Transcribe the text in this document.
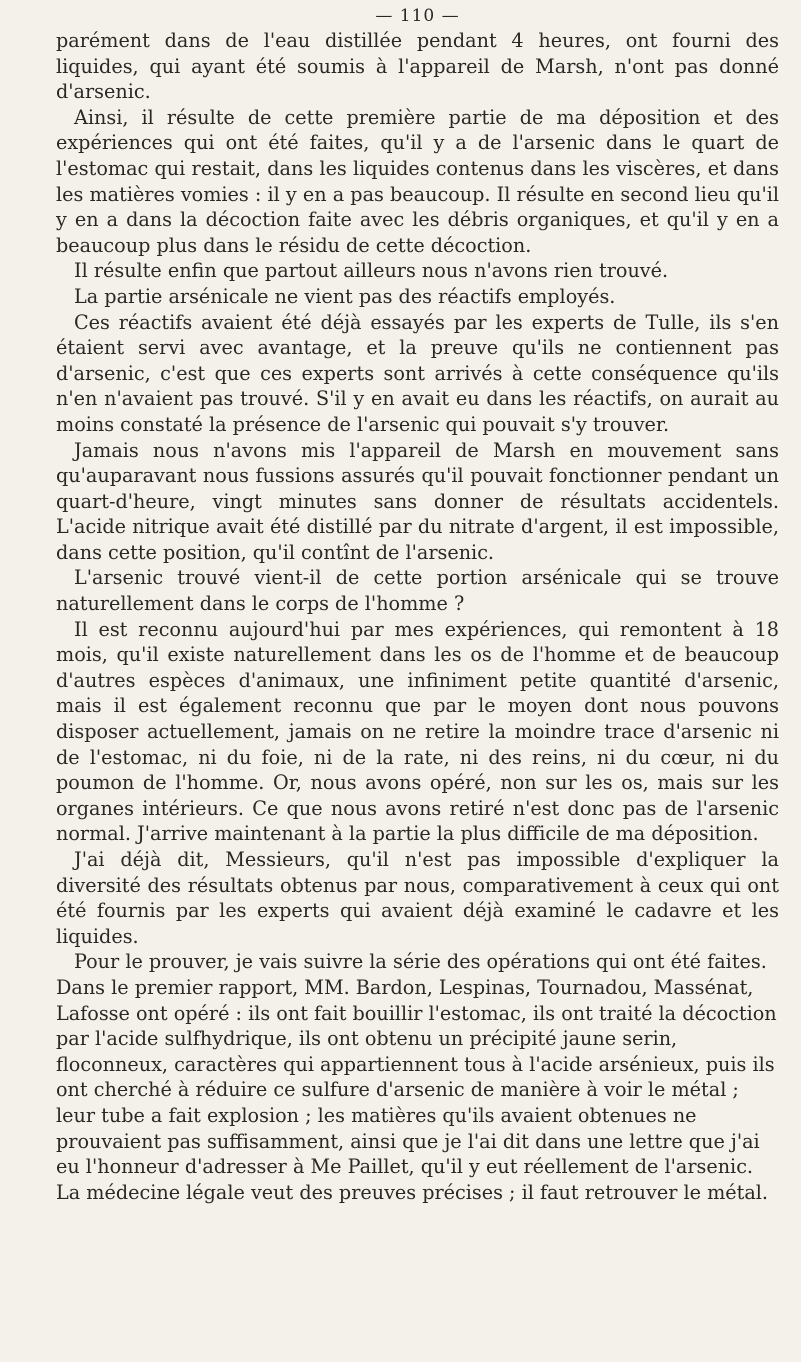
— 110 —

parément dans de l'eau distillée pendant 4 heures, ont fourni des liquides, qui ayant été soumis à l'appareil de Marsh, n'ont pas donné d'arsenic.

Ainsi, il résulte de cette première partie de ma déposition et des expériences qui ont été faites, qu'il y a de l'arsenic dans le quart de l'estomac qui restait, dans les liquides contenus dans les viscères, et dans les matières vomies : il y en a pas beaucoup. Il résulte en second lieu qu'il y en a dans la décoction faite avec les débris organiques, et qu'il y en a beaucoup plus dans le résidu de cette décoction.

Il résulte enfin que partout ailleurs nous n'avons rien trouvé.

La partie arsénicale ne vient pas des réactifs employés.

Ces réactifs avaient été déjà essayés par les experts de Tulle, ils s'en étaient servi avec avantage, et la preuve qu'ils ne contiennent pas d'arsenic, c'est que ces experts sont arrivés à cette conséquence qu'ils n'en n'avaient pas trouvé. S'il y en avait eu dans les réactifs, on aurait au moins constaté la présence de l'arsenic qui pouvait s'y trouver.

Jamais nous n'avons mis l'appareil de Marsh en mouvement sans qu'auparavant nous fussions assurés qu'il pouvait fonctionner pendant un quart-d'heure, vingt minutes sans donner de résultats accidentels. L'acide nitrique avait été distillé par du nitrate d'argent, il est impossible, dans cette position, qu'il contînt de l'arsenic.

L'arsenic trouvé vient-il de cette portion arsénicale qui se trouve naturellement dans le corps de l'homme ?

Il est reconnu aujourd'hui par mes expériences, qui remontent à 18 mois, qu'il existe naturellement dans les os de l'homme et de beaucoup d'autres espèces d'animaux, une infiniment petite quantité d'arsenic, mais il est également reconnu que par le moyen dont nous pouvons disposer actuellement, jamais on ne retire la moindre trace d'arsenic ni de l'estomac, ni du foie, ni de la rate, ni des reins, ni du cœur, ni du poumon de l'homme. Or, nous avons opéré, non sur les os, mais sur les organes intérieurs. Ce que nous avons retiré n'est donc pas de l'arsenic normal. J'arrive maintenant à la partie la plus difficile de ma déposition.

J'ai déjà dit, Messieurs, qu'il n'est pas impossible d'expliquer la diversité des résultats obtenus par nous, comparativement à ceux qui ont été fournis par les experts qui avaient déjà examiné le cadavre et les liquides.

Pour le prouver, je vais suivre la série des opérations qui ont été faites. Dans le premier rapport, MM. Bardon, Lespinas, Tournadou, Massénat, Lafosse ont opéré : ils ont fait bouillir l'estomac, ils ont traité la décoction par l'acide sulfhydrique, ils ont obtenu un précipité jaune serin, floconneux, caractères qui appartiennent tous à l'acide arsénieux, puis ils ont cherché à réduire ce sulfure d'arsenic de manière à voir le métal ; leur tube a fait explosion ; les matières qu'ils avaient obtenues ne prouvaient pas suffisamment, ainsi que je l'ai dit dans une lettre que j'ai eu l'honneur d'adresser à Me Paillet, qu'il y eut réellement de l'arsenic. La médecine légale veut des preuves précises ; il faut retrouver le métal.
